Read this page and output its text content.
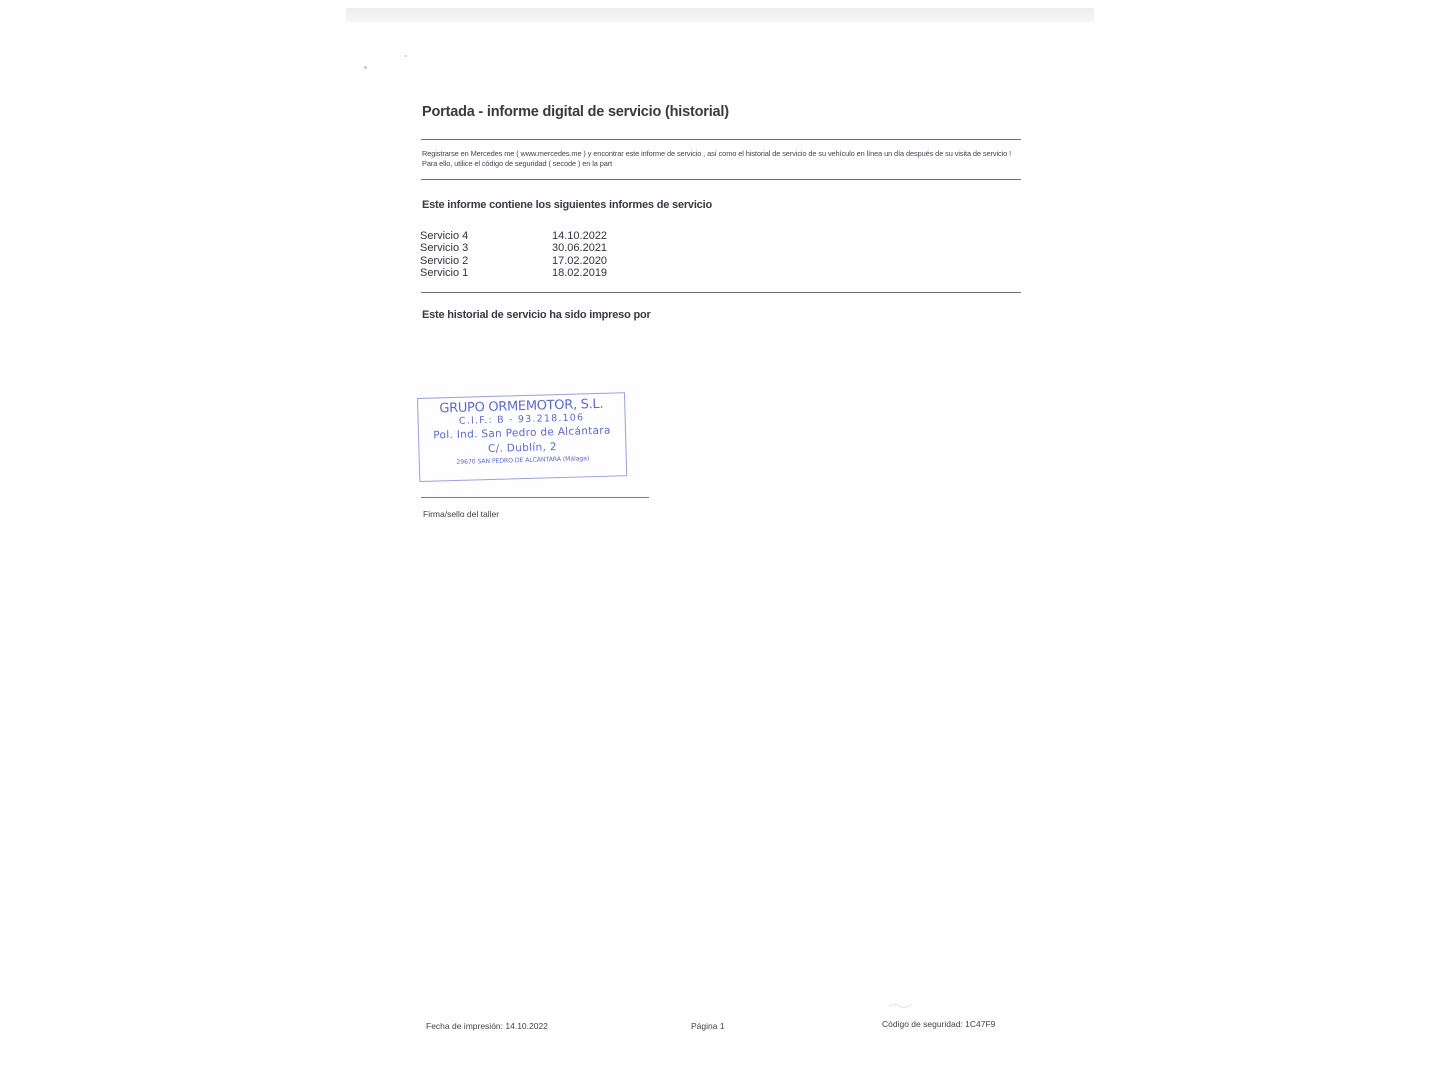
Portada - informe digital de servicio (historial)
Registrarse en Mercedes me ( www.mercedes.me ) y encontrar este informe de servicio , así como el historial de servicio de su vehículo en línea un día después de su visita de servicio ! Para ello, utilice el código de seguridad ( secode ) en la part
Este informe contiene los siguientes informes de servicio
Servicio 4	14.10.2022
Servicio 3	30.06.2021
Servicio 2	17.02.2020
Servicio 1	18.02.2019
Este historial de servicio ha sido impreso por
GRUPO ORMEMOTOR, S.L.
C.I.F.: B - 93.218.106
Pol. Ind. San Pedro de Alcántara
C/. Dublín, 2
29670 SAN PEDRO DE ALCÁNTARA (Málaga)
Firma/sello del taller
Fecha de impresión: 14.10.2022	Página 1	Código de seguridad: 1C47F9
